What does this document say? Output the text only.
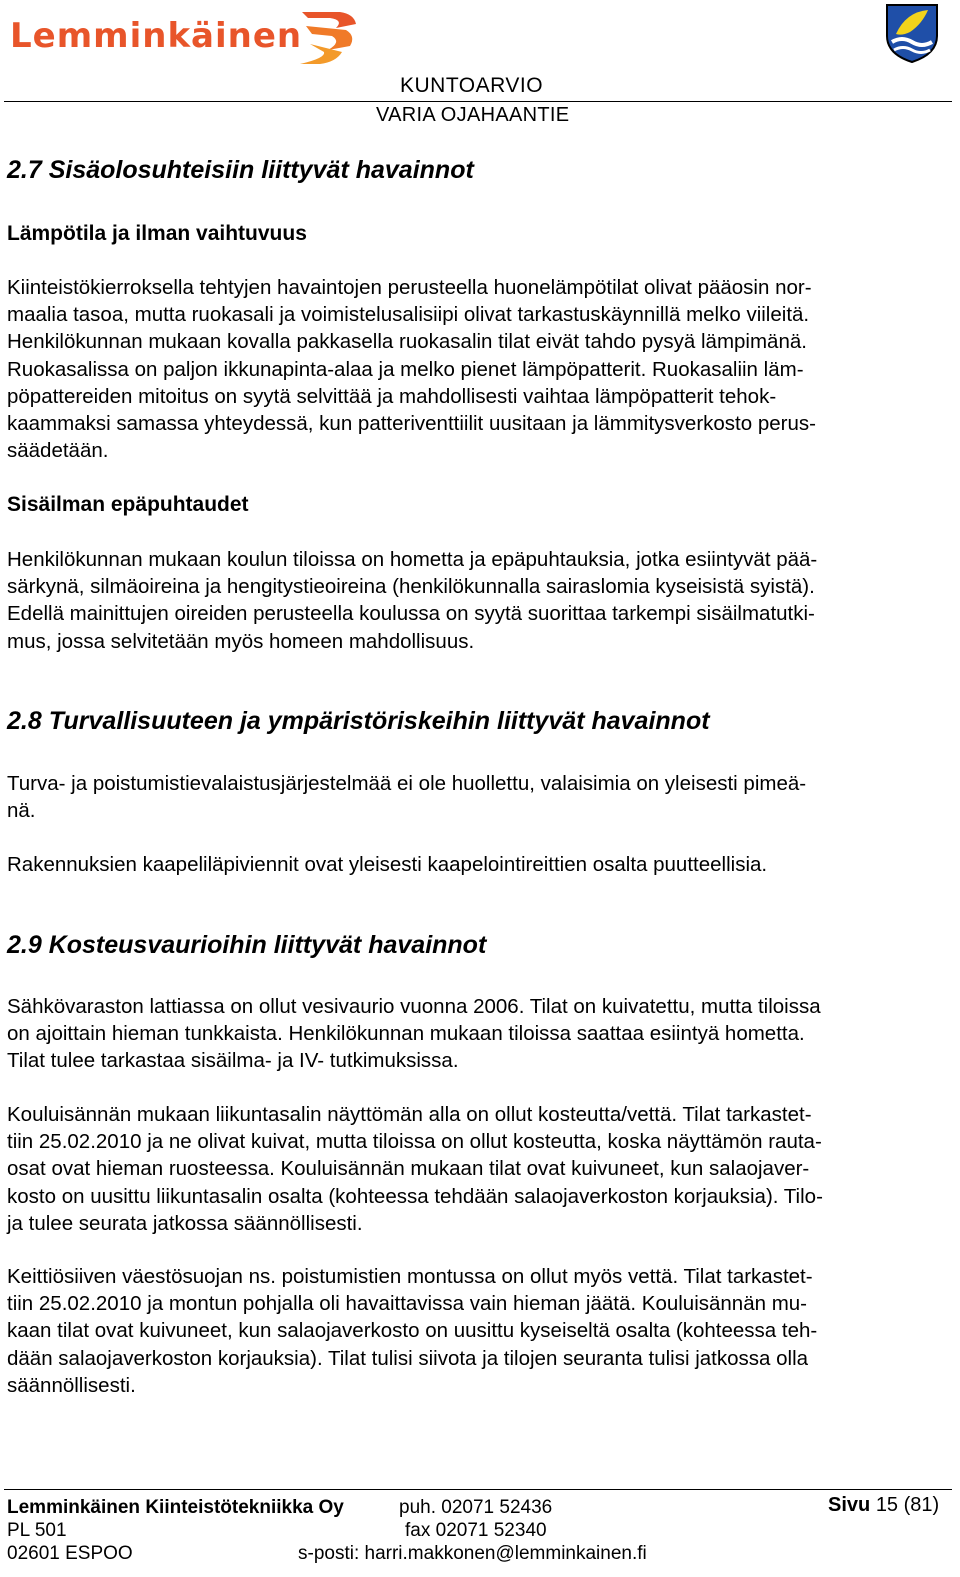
Lemminkäinen
KUNTOARVIO
VARIA OJAHAANTIE
2.7 Sisäolosuhteisiin liittyvät havainnot
Lämpötila ja ilman vaihtuvuus

Kiinteistökierroksella tehtyjen havaintojen perusteella huonelämpötilat olivat pääosin nor-
maalia tasoa, mutta ruokasali ja voimistelusalisiipi olivat tarkastuskäynnillä melko viileitä.
Henkilökunnan mukaan kovalla pakkasella ruokasalin tilat eivät tahdo pysyä lämpimänä.
Ruokasalissa on paljon ikkunapinta-alaa ja melko pienet lämpöpatterit. Ruokasaliin läm-
pöpattereiden mitoitus on syytä selvittää ja mahdollisesti vaihtaa lämpöpatterit tehok-
kaammaksi samassa yhteydessä, kun patteriventtiilit uusitaan ja lämmitysverkosto perus-
säädetään.

Sisäilman epäpuhtaudet

Henkilökunnan mukaan koulun tiloissa on hometta ja epäpuhtauksia, jotka esiintyvät pää-
särkynä, silmäoireina ja hengitystieoireina (henkilökunnalla sairaslomia kyseisistä syistä).
Edellä mainittujen oireiden perusteella koulussa on syytä suorittaa tarkempi sisäilmatutki-
mus, jossa selvitetään myös homeen mahdollisuus.

2.8 Turvallisuuteen ja ympäristöriskeihin liittyvät havainnot

Turva- ja poistumistievalaistusjärjestelmää ei ole huollettu, valaisimia on yleisesti pimeä-
nä.

Rakennuksien kaapeliläpiviennit ovat yleisesti kaapelointireittien osalta puutteellisia.

2.9 Kosteusvaurioihin liittyvät havainnot

Sähkövaraston lattiassa on ollut vesivaurio vuonna 2006. Tilat on kuivatettu, mutta tiloissa
on ajoittain hieman tunkkaista. Henkilökunnan mukaan tiloissa saattaa esiintyä hometta.
Tilat tulee tarkastaa sisäilma- ja IV- tutkimuksissa.

Kouluisännän mukaan liikuntasalin näyttömän alla on ollut kosteutta/vettä. Tilat tarkastet-
tiin 25.02.2010 ja ne olivat kuivat, mutta tiloissa on ollut kosteutta, koska näyttämön rauta-
osat ovat hieman ruosteessa. Kouluisännän mukaan tilat ovat kuivuneet, kun salaojaver-
kosto on uusittu liikuntasalin osalta (kohteessa tehdään salaojaverkoston korjauksia). Tilo-
ja tulee seurata jatkossa säännöllisesti.

Keittiösiiven väestösuojan ns. poistumistien montussa on ollut myös vettä. Tilat tarkastet-
tiin 25.02.2010 ja montun pohjalla oli havaittavissa vain hieman jäätä. Kouluisännän mu-
kaan tilat ovat kuivuneet, kun salaojaverkosto on uusittu kyseiseltä osalta (kohteessa teh-
dään salaojaverkoston korjauksia). Tilat tulisi siivota ja tilojen seuranta tulisi jatkossa olla
säännöllisesti.

Lemminkäinen Kiinteistötekniikka Oy
PL 501
02601 ESPOO
puh. 02071 52436
fax 02071 52340
s-posti: harri.makkonen@lemminkainen.fi
Sivu 15 (81)
